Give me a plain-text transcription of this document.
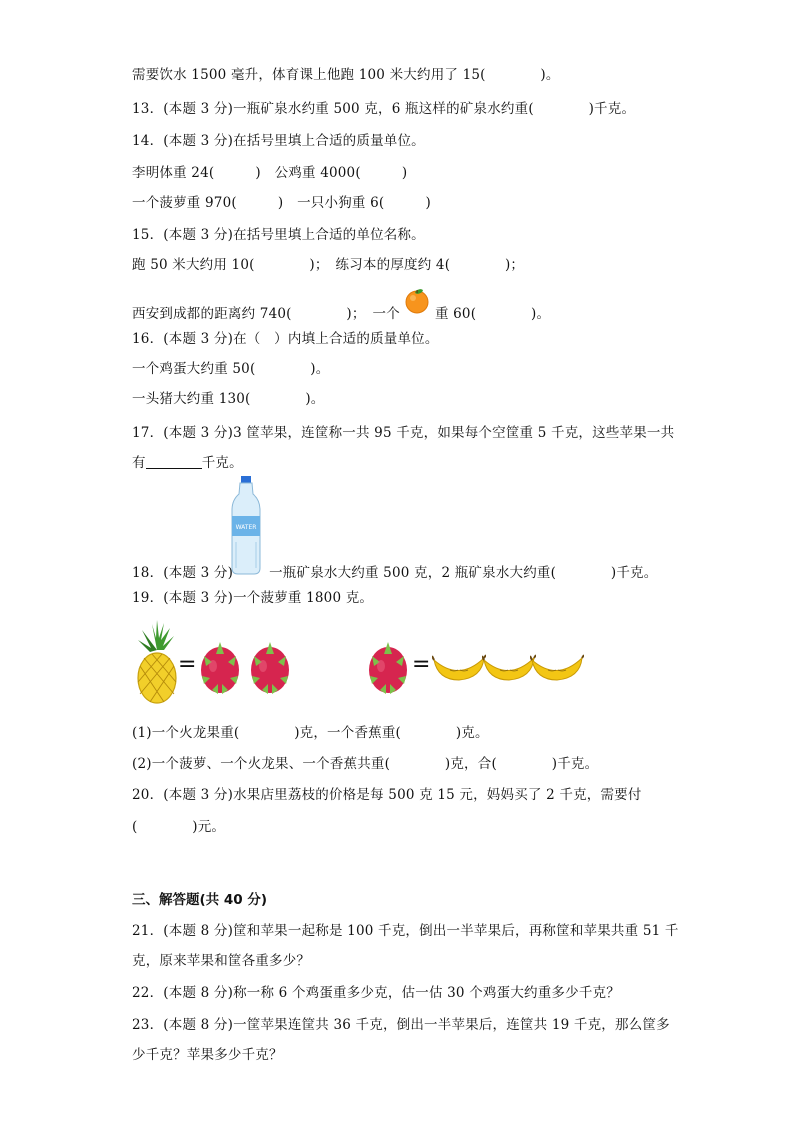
需要饮水 1500 毫升，体育课上他跑 100 米大约用了 15(　　　　)。
13．(本题 3 分)一瓶矿泉水约重 500 克，6 瓶这样的矿泉水约重(　　　　)千克。
14．(本题 3 分)在括号里填上合适的质量单位。
李明体重 24(　　　)　公鸡重 4000(　　　)
一个菠萝重 970(　　　)　一只小狗重 6(　　　)
15．(本题 3 分)在括号里填上合适的单位名称。
跑 50 米大约用 10(　　　　)；　练习本的厚度约 4(　　　　)；
西安到成都的距离约 740(　　　　)；　一个	重 60(　　　　)。
16．(本题 3 分)在（　）内填上合适的质量单位。
一个鸡蛋大约重 50(　　　　)。
一头猪大约重 130(　　　　)。
17．(本题 3 分)3 筐苹果，连筐称一共 95 千克，如果每个空筐重 5 千克，这些苹果一共
有	千克。
WATER
18．(本题 3 分)	一瓶矿泉水大约重 500 克，2 瓶矿泉水大约重(　　　　)千克。
19．(本题 3 分)一个菠萝重 1800 克。
=	=
(1)一个火龙果重(　　　　)克，一个香蕉重(　　　　)克。
(2)一个菠萝、一个火龙果、一个香蕉共重(　　　　)克，合(　　　　)千克。
20．(本题 3 分)水果店里荔枝的价格是每 500 克 15 元，妈妈买了 2 千克，需要付
(　　　　)元。
三、解答题(共 40 分)
21．(本题 8 分)筐和苹果一起称是 100 千克，倒出一半苹果后，再称筐和苹果共重 51 千
克，原来苹果和筐各重多少？
22．(本题 8 分)称一称 6 个鸡蛋重多少克，估一估 30 个鸡蛋大约重多少千克？
23．(本题 8 分)一筐苹果连筐共 36 千克，倒出一半苹果后，连筐共 19 千克，那么筐多
少千克？苹果多少千克？
